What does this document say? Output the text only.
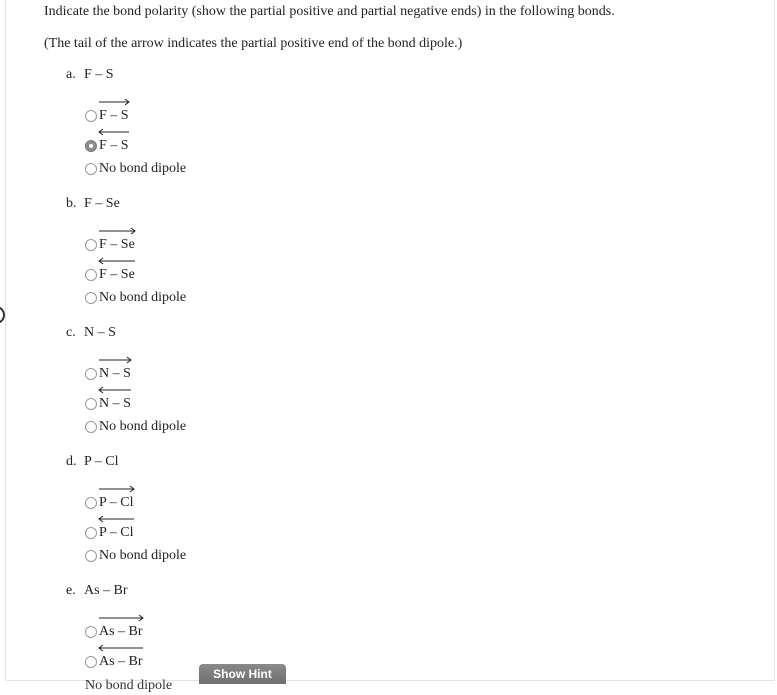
Indicate the bond polarity (show the partial positive and partial negative ends) in the following bonds.
(The tail of the arrow indicates the partial positive end of the bond dipole.)
a. F – S
F – S
F – S
No bond dipole
b. F – Se
F – Se
F – Se
No bond dipole
c. N – S
N – S
N – S
No bond dipole
d. P – Cl
P – Cl
P – Cl
No bond dipole
e. As – Br
As – Br
As – Br
No bond dipole
Show Hint
